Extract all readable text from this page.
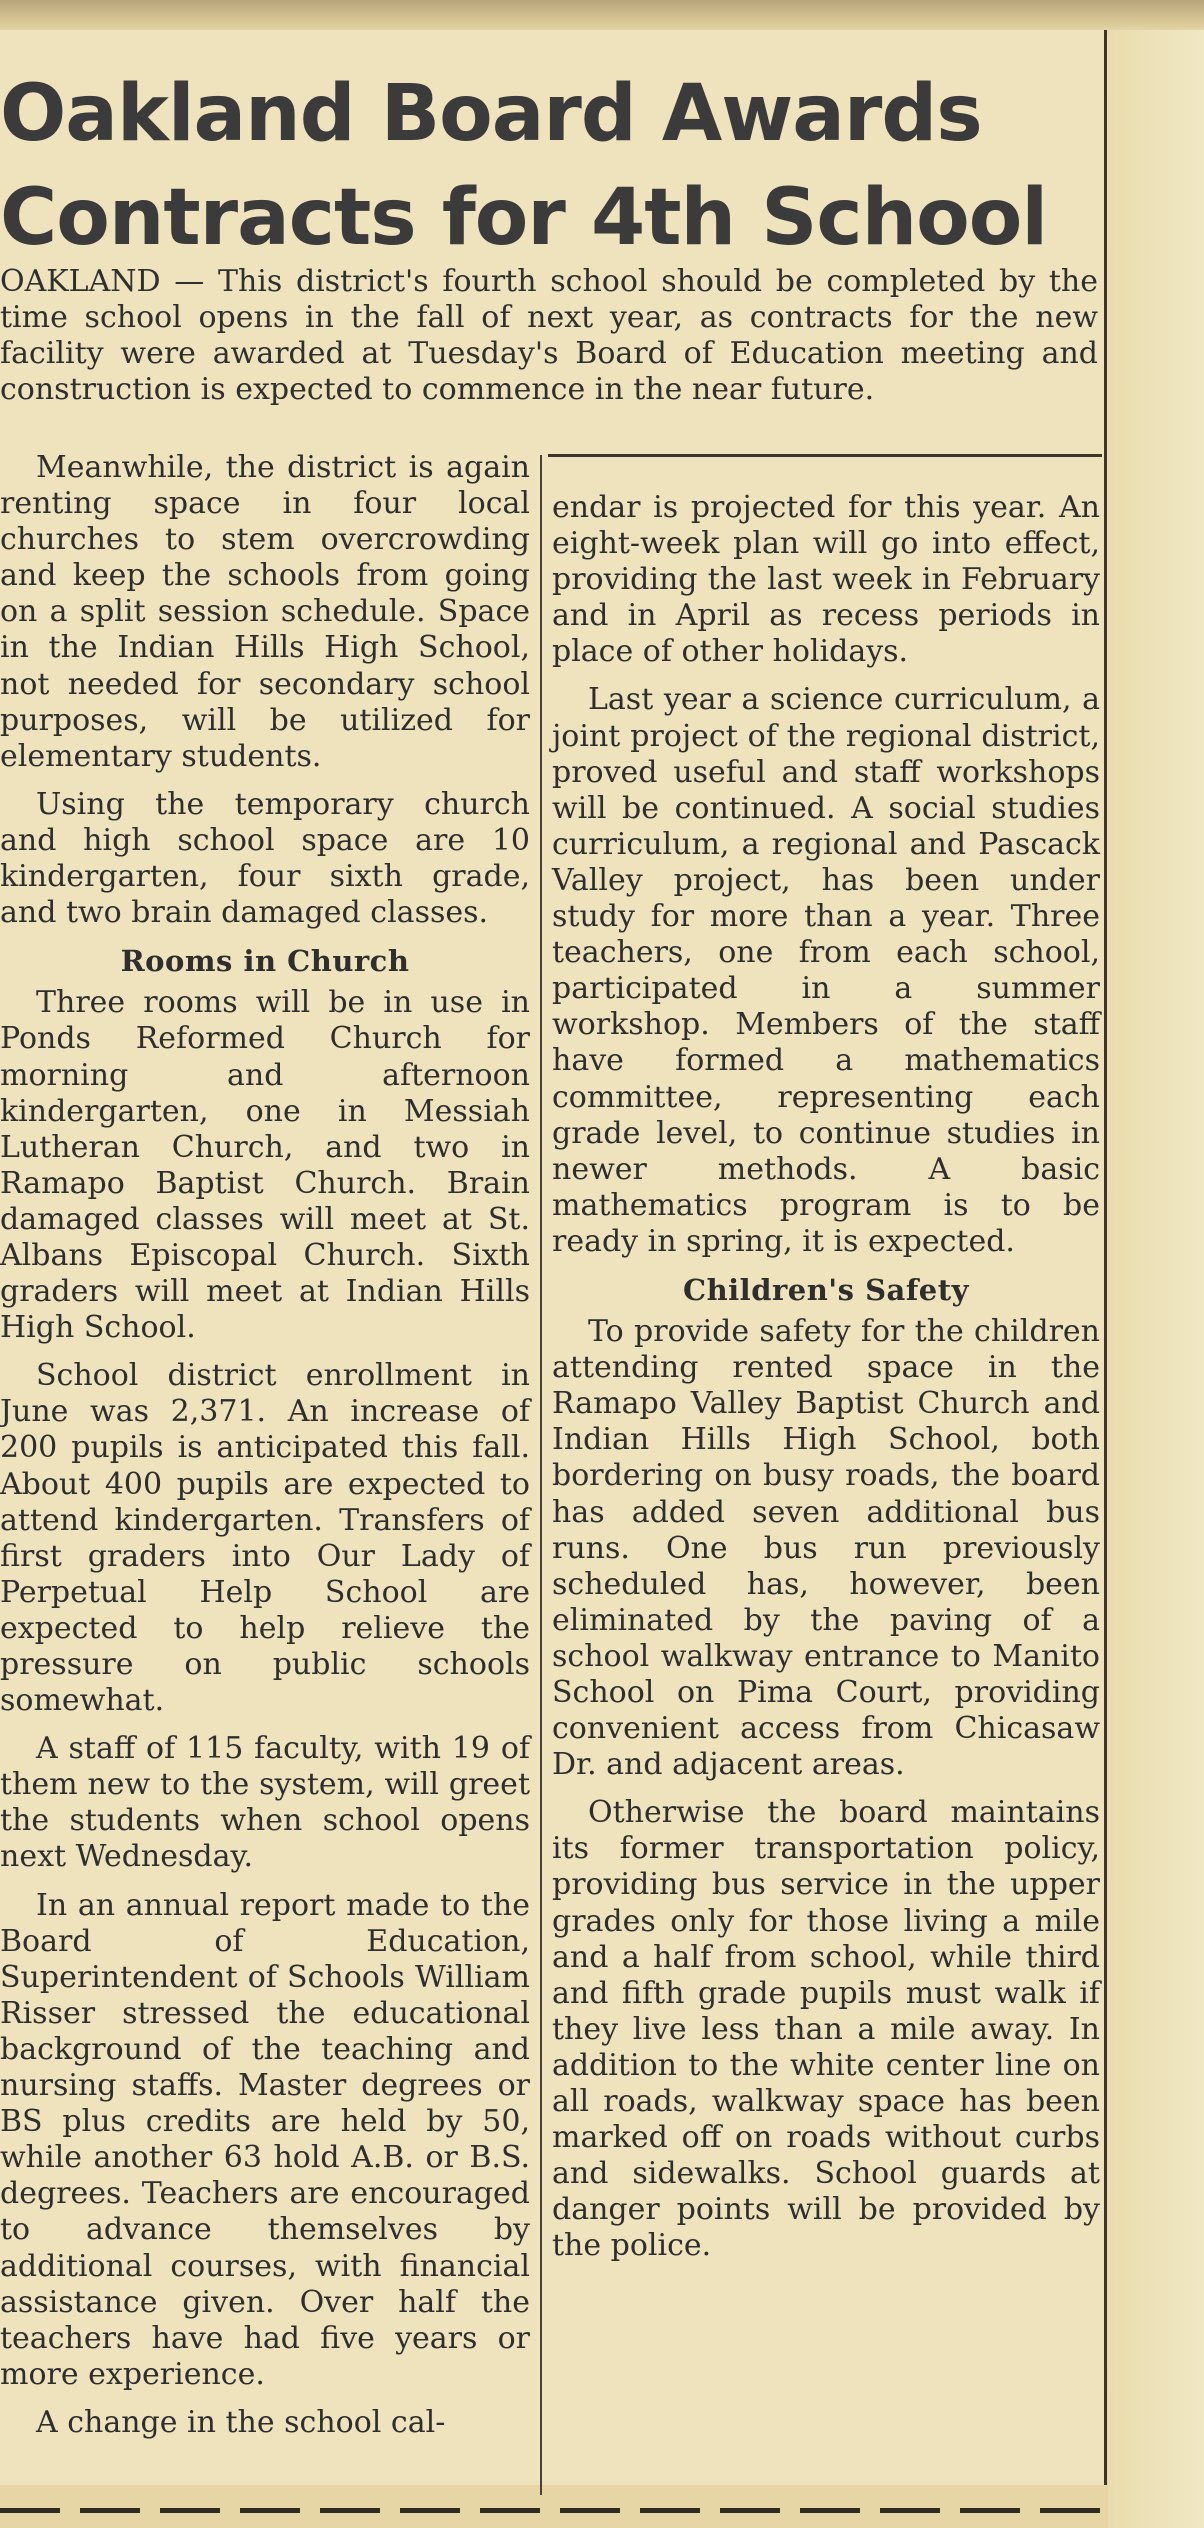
Oakland Board Awards
Contracts for 4th School

OAKLAND — This district's fourth school should be completed by the time school opens in the fall of next year, as contracts for the new facility were awarded at Tuesday's Board of Education meeting and construction is expected to commence in the near future.

Meanwhile, the district is again renting space in four local churches to stem overcrowding and keep the schools from going on a split session schedule. Space in the Indian Hills High School, not needed for secondary school purposes, will be utilized for elementary students.

Using the temporary church and high school space are 10 kindergarten, four sixth grade, and two brain damaged classes.

Rooms in Church

Three rooms will be in use in Ponds Reformed Church for morning and afternoon kindergarten, one in Messiah Lutheran Church, and two in Ramapo Baptist Church. Brain damaged classes will meet at St. Albans Episcopal Church. Sixth graders will meet at Indian Hills High School.

School district enrollment in June was 2,371. An increase of 200 pupils is anticipated this fall. About 400 pupils are expected to attend kindergarten. Transfers of first graders into Our Lady of Perpetual Help School are expected to help relieve the pressure on public schools somewhat.

A staff of 115 faculty, with 19 of them new to the system, will greet the students when school opens next Wednesday.

In an annual report made to the Board of Education, Superintendent of Schools William Risser stressed the educational background of the teaching and nursing staffs. Master degrees or BS plus credits are held by 50, while another 63 hold A.B. or B.S. degrees. Teachers are encouraged to advance themselves by additional courses, with financial assistance given. Over half the teachers have had five years or more experience.

A change in the school cal-

endar is projected for this year. An eight-week plan will go into effect, providing the last week in February and in April as recess periods in place of other holidays.

Last year a science curriculum, a joint project of the regional district, proved useful and staff workshops will be continued. A social studies curriculum, a regional and Pascack Valley project, has been under study for more than a year. Three teachers, one from each school, participated in a summer workshop. Members of the staff have formed a mathematics committee, representing each grade level, to continue studies in newer methods. A basic mathematics program is to be ready in spring, it is expected.

Children's Safety

To provide safety for the children attending rented space in the Ramapo Valley Baptist Church and Indian Hills High School, both bordering on busy roads, the board has added seven additional bus runs. One bus run previously scheduled has, however, been eliminated by the paving of a school walkway entrance to Manito School on Pima Court, providing convenient access from Chicasaw Dr. and adjacent areas.

Otherwise the board maintains its former transportation policy, providing bus service in the upper grades only for those living a mile and a half from school, while third and fifth grade pupils must walk if they live less than a mile away. In addition to the white center line on all roads, walkway space has been marked off on roads without curbs and sidewalks. School guards at danger points will be provided by the police.
